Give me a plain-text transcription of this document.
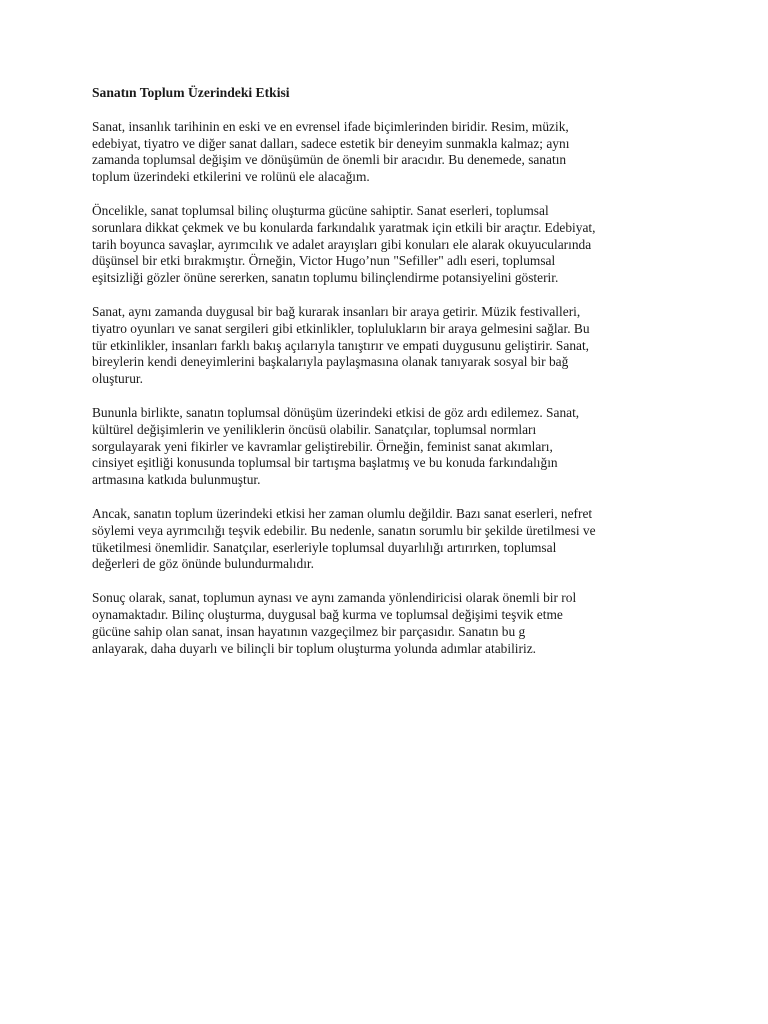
Sanatın Toplum Üzerindeki Etkisi
Sanat, insanlık tarihinin en eski ve en evrensel ifade biçimlerinden biridir. Resim, müzik,
edebiyat, tiyatro ve diğer sanat dalları, sadece estetik bir deneyim sunmakla kalmaz; aynı
zamanda toplumsal değişim ve dönüşümün de önemli bir aracıdır. Bu denemede, sanatın
toplum üzerindeki etkilerini ve rolünü ele alacağım.
Öncelikle, sanat toplumsal bilinç oluşturma gücüne sahiptir. Sanat eserleri, toplumsal
sorunlara dikkat çekmek ve bu konularda farkındalık yaratmak için etkili bir araçtır. Edebiyat,
tarih boyunca savaşlar, ayrımcılık ve adalet arayışları gibi konuları ele alarak okuyucularında
düşünsel bir etki bırakmıştır. Örneğin, Victor Hugo’nun "Sefiller" adlı eseri, toplumsal
eşitsizliği gözler önüne sererken, sanatın toplumu bilinçlendirme potansiyelini gösterir.
Sanat, aynı zamanda duygusal bir bağ kurarak insanları bir araya getirir. Müzik festivalleri,
tiyatro oyunları ve sanat sergileri gibi etkinlikler, toplulukların bir araya gelmesini sağlar. Bu
tür etkinlikler, insanları farklı bakış açılarıyla tanıştırır ve empati duygusunu geliştirir. Sanat,
bireylerin kendi deneyimlerini başkalarıyla paylaşmasına olanak tanıyarak sosyal bir bağ
oluşturur.
Bununla birlikte, sanatın toplumsal dönüşüm üzerindeki etkisi de göz ardı edilemez. Sanat,
kültürel değişimlerin ve yeniliklerin öncüsü olabilir. Sanatçılar, toplumsal normları
sorgulayarak yeni fikirler ve kavramlar geliştirebilir. Örneğin, feminist sanat akımları,
cinsiyet eşitliği konusunda toplumsal bir tartışma başlatmış ve bu konuda farkındalığın
artmasına katkıda bulunmuştur.
Ancak, sanatın toplum üzerindeki etkisi her zaman olumlu değildir. Bazı sanat eserleri, nefret
söylemi veya ayrımcılığı teşvik edebilir. Bu nedenle, sanatın sorumlu bir şekilde üretilmesi ve
tüketilmesi önemlidir. Sanatçılar, eserleriyle toplumsal duyarlılığı artırırken, toplumsal
değerleri de göz önünde bulundurmalıdır.
Sonuç olarak, sanat, toplumun aynası ve aynı zamanda yönlendiricisi olarak önemli bir rol
oynamaktadır. Bilinç oluşturma, duygusal bağ kurma ve toplumsal değişimi teşvik etme
gücüne sahip olan sanat, insan hayatının vazgeçilmez bir parçasıdır. Sanatın bu g
anlayarak, daha duyarlı ve bilinçli bir toplum oluşturma yolunda adımlar atabiliriz.
